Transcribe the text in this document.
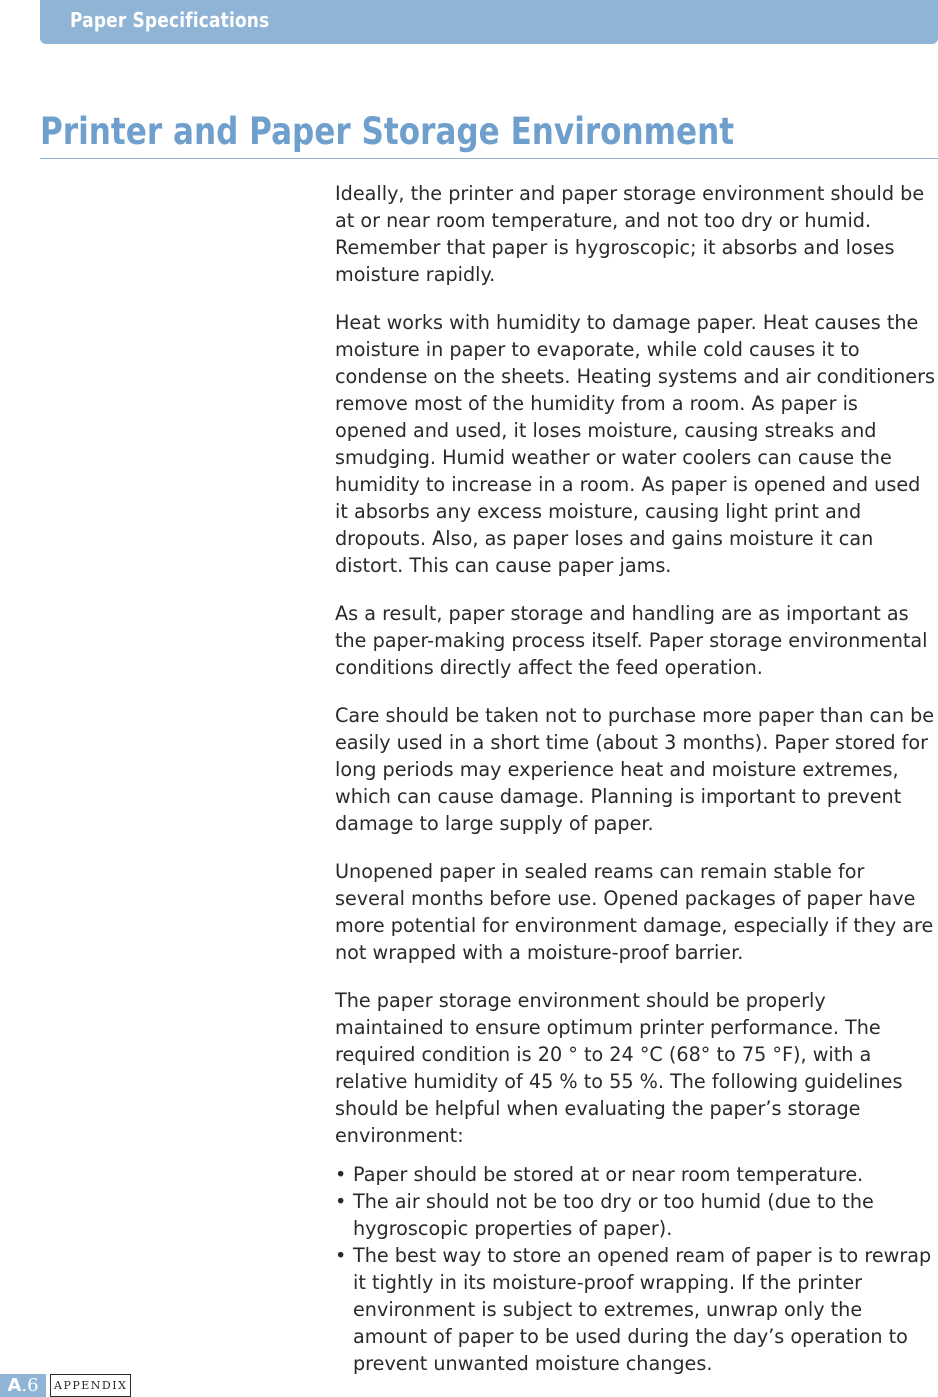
Paper Specifications
Printer and Paper Storage Environment

Ideally, the printer and paper storage environment should be at or near room temperature, and not too dry or humid. Remember that paper is hygroscopic; it absorbs and loses moisture rapidly.

Heat works with humidity to damage paper. Heat causes the moisture in paper to evaporate, while cold causes it to condense on the sheets. Heating systems and air conditioners remove most of the humidity from a room. As paper is opened and used, it loses moisture, causing streaks and smudging. Humid weather or water coolers can cause the humidity to increase in a room. As paper is opened and used it absorbs any excess moisture, causing light print and dropouts. Also, as paper loses and gains moisture it can distort. This can cause paper jams.

As a result, paper storage and handling are as important as the paper-making process itself. Paper storage environmental conditions directly affect the feed operation.

Care should be taken not to purchase more paper than can be easily used in a short time (about 3 months). Paper stored for long periods may experience heat and moisture extremes, which can cause damage. Planning is important to prevent damage to large supply of paper.

Unopened paper in sealed reams can remain stable for several months before use. Opened packages of paper have more potential for environment damage, especially if they are not wrapped with a moisture-proof barrier.

The paper storage environment should be properly maintained to ensure optimum printer performance. The required condition is 20 ° to 24 °C (68° to 75 °F), with a relative humidity of 45 % to 55 %. The following guidelines should be helpful when evaluating the paper’s storage environment:

• Paper should be stored at or near room temperature.
• The air should not be too dry or too humid (due to the hygroscopic properties of paper).
• The best way to store an opened ream of paper is to rewrap it tightly in its moisture-proof wrapping. If the printer environment is subject to extremes, unwrap only the amount of paper to be used during the day’s operation to prevent unwanted moisture changes.
A.6	APPENDIX
